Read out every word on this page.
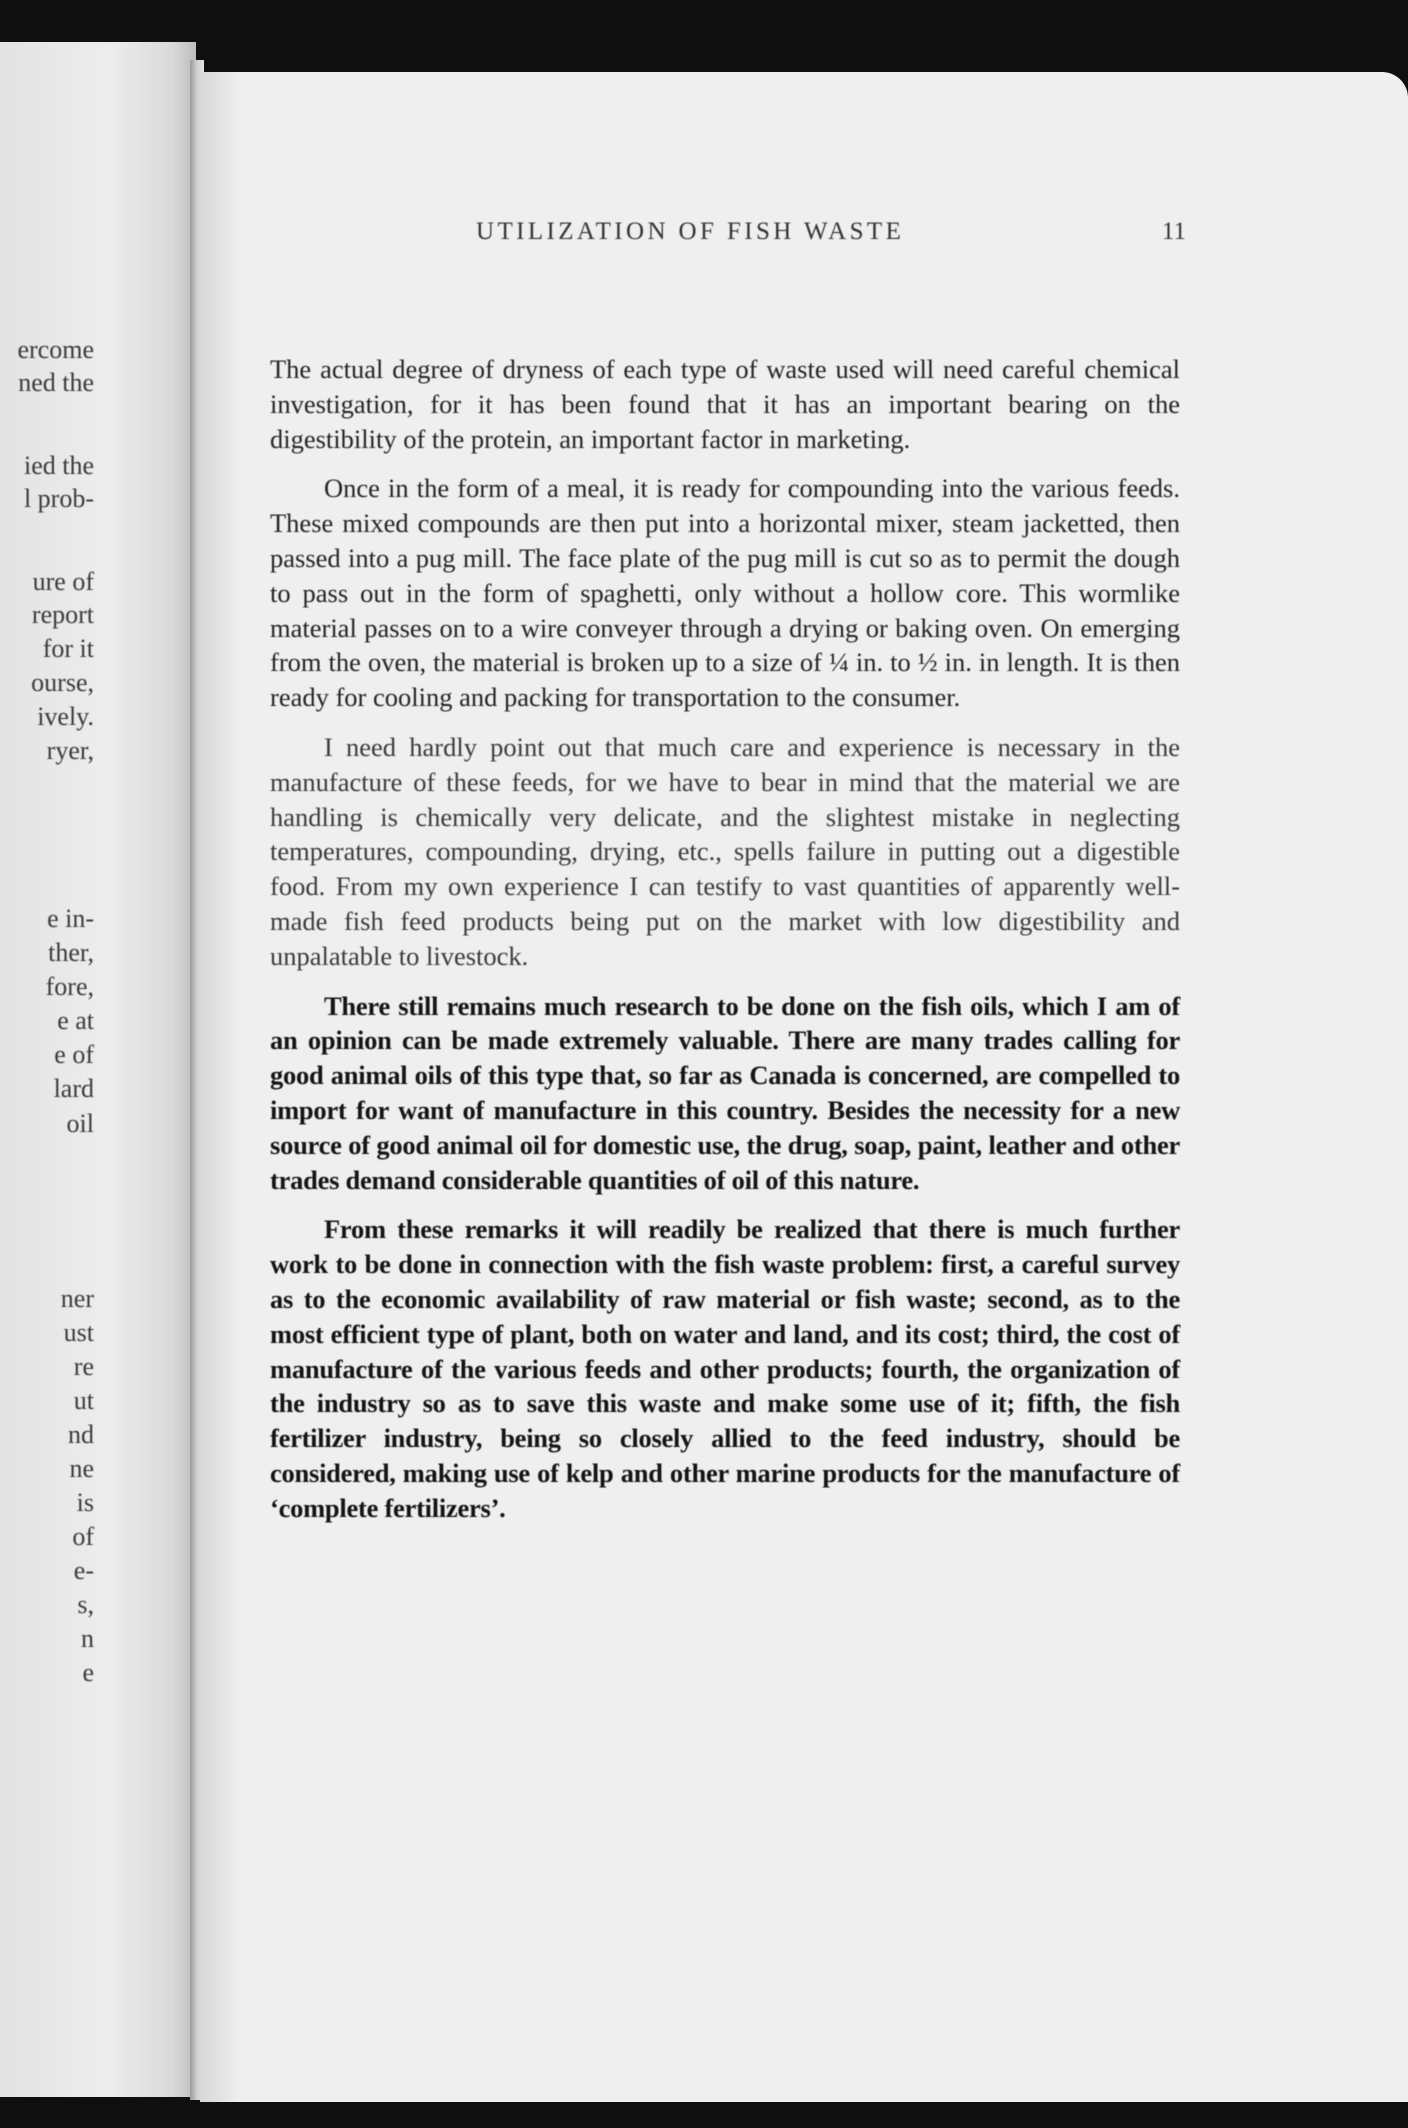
ercome
ned the
ied the
l prob-
ure of
report
for it
ourse,
ively.
ryer,
e in-
ther,
fore,
e at
e of
lard
oil
ner
ust
re
ut
nd
ne
is
of
e-
s,
n
e
UTILIZATION OF FISH WASTE	11

The actual degree of dryness of each type of waste used will need careful chemical investigation, for it has been found that it has an important bearing on the digestibility of the protein, an important factor in marketing.

Once in the form of a meal, it is ready for compounding into the various feeds. These mixed compounds are then put into a horizontal mixer, steam jacketted, then passed into a pug mill. The face plate of the pug mill is cut so as to permit the dough to pass out in the form of spaghetti, only without a hollow core. This wormlike material passes on to a wire conveyer through a drying or baking oven. On emerging from the oven, the material is broken up to a size of ¼ in. to ½ in. in length. It is then ready for cooling and packing for transportation to the consumer.

I need hardly point out that much care and experience is necessary in the manufacture of these feeds, for we have to bear in mind that the material we are handling is chemically very delicate, and the slightest mistake in neglecting temperatures, compounding, drying, etc., spells failure in putting out a digestible food. From my own experience I can testify to vast quantities of apparently well-made fish feed products being put on the market with low digestibility and unpalatable to livestock.

There still remains much research to be done on the fish oils, which I am of an opinion can be made extremely valuable. There are many trades calling for good animal oils of this type that, so far as Canada is concerned, are compelled to import for want of manufacture in this country. Besides the necessity for a new source of good animal oil for domestic use, the drug, soap, paint, leather and other trades demand considerable quantities of oil of this nature.

From these remarks it will readily be realized that there is much further work to be done in connection with the fish waste problem: first, a careful survey as to the economic availability of raw material or fish waste; second, as to the most efficient type of plant, both on water and land, and its cost; third, the cost of manufacture of the various feeds and other products; fourth, the organization of the industry so as to save this waste and make some use of it; fifth, the fish fertilizer industry, being so closely allied to the feed industry, should be considered, making use of kelp and other marine products for the manufacture of ‘complete fertilizers’.
